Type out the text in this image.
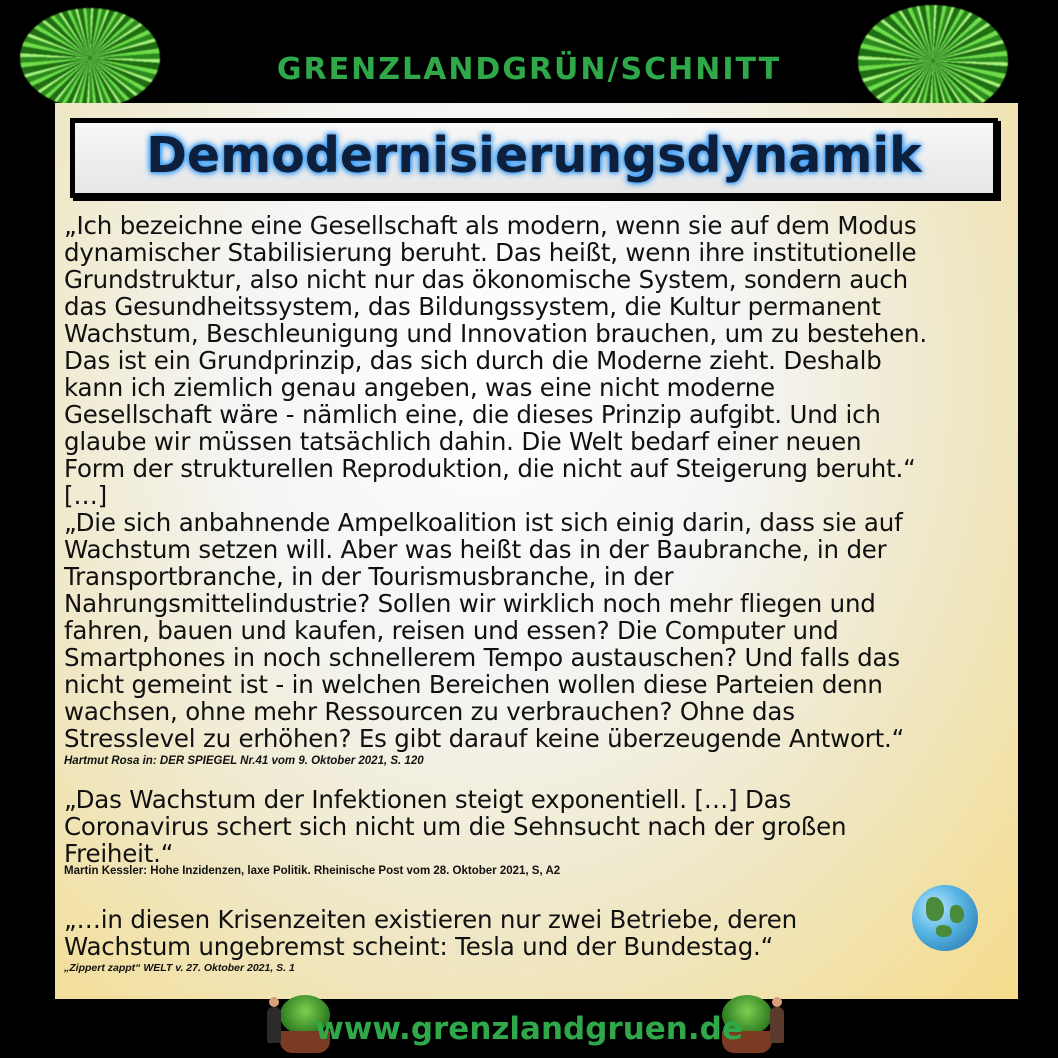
GRENZLANDGRÜN/SCHNITT
Demodernisierungsdynamik
„Ich bezeichne eine Gesellschaft als modern, wenn sie auf dem Modus
dynamischer Stabilisierung beruht. Das heißt, wenn ihre institutionelle
Grundstruktur, also nicht nur das ökonomische System, sondern auch
das Gesundheitssystem, das Bildungssystem, die Kultur permanent
Wachstum, Beschleunigung und Innovation brauchen, um zu bestehen.
Das ist ein Grundprinzip, das sich durch die Moderne zieht. Deshalb
kann ich ziemlich genau angeben, was eine nicht moderne
Gesellschaft wäre - nämlich eine, die dieses Prinzip aufgibt. Und ich
glaube wir müssen tatsächlich dahin. Die Welt bedarf einer neuen
Form der strukturellen Reproduktion, die nicht auf Steigerung beruht.“
[…]
„Die sich anbahnende Ampelkoalition ist sich einig darin, dass sie auf
Wachstum setzen will. Aber was heißt das in der Baubranche, in der
Transportbranche, in der Tourismusbranche, in der
Nahrungsmittelindustrie? Sollen wir wirklich noch mehr fliegen und
fahren, bauen und kaufen, reisen und essen? Die Computer und
Smartphones in noch schnellerem Tempo austauschen? Und falls das
nicht gemeint ist - in welchen Bereichen wollen diese Parteien denn
wachsen, ohne mehr Ressourcen zu verbrauchen? Ohne das
Stresslevel zu erhöhen? Es gibt darauf keine überzeugende Antwort.“
Hartmut Rosa in: DER SPIEGEL Nr.41 vom 9. Oktober 2021, S. 120
„Das Wachstum der Infektionen steigt exponentiell. […] Das
Coronavirus schert sich nicht um die Sehnsucht nach der großen
Freiheit.“
Martin Kessler: Hohe Inzidenzen, laxe Politik. Rheinische Post vom 28. Oktober 2021, S, A2
„…in diesen Krisenzeiten existieren nur zwei Betriebe, deren
Wachstum ungebremst scheint: Tesla und der Bundestag.“
„Zippert zappt“ WELT v. 27. Oktober 2021, S. 1
www.grenzlandgruen.de
